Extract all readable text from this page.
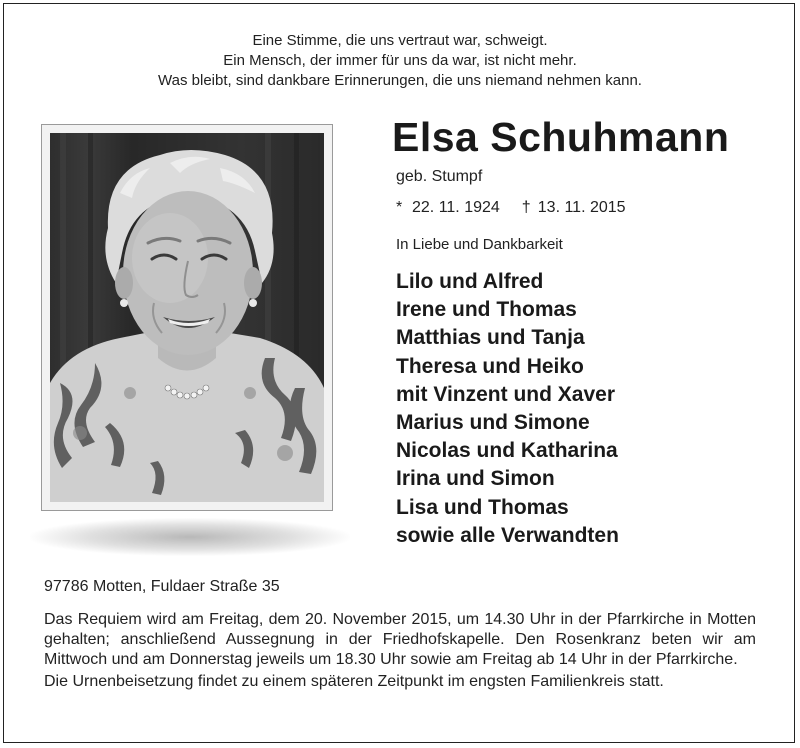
Eine Stimme, die uns vertraut war, schweigt.
Ein Mensch, der immer für uns da war, ist nicht mehr.
Was bleibt, sind dankbare Erinnerungen, die uns niemand nehmen kann.
Elsa Schuhmann
geb. Stumpf
* 22. 11. 1924 † 13. 11. 2015
In Liebe und Dankbarkeit
Lilo und Alfred
Irene und Thomas
Matthias und Tanja
Theresa und Heiko
mit Vinzent und Xaver
Marius und Simone
Nicolas und Katharina
Irina und Simon
Lisa und Thomas
sowie alle Verwandten
97786 Motten, Fuldaer Straße 35

Das Requiem wird am Freitag, dem 20. November 2015, um 14.30 Uhr in der Pfarrkirche in Motten gehalten; anschließend Aussegnung in der Friedhofskapelle. Den Rosenkranz beten wir am Mittwoch und am Donnerstag jeweils um 18.30 Uhr sowie am Freitag ab 14 Uhr in der Pfarrkirche.

Die Urnenbeisetzung findet zu einem späteren Zeitpunkt im engsten Familienkreis statt.
